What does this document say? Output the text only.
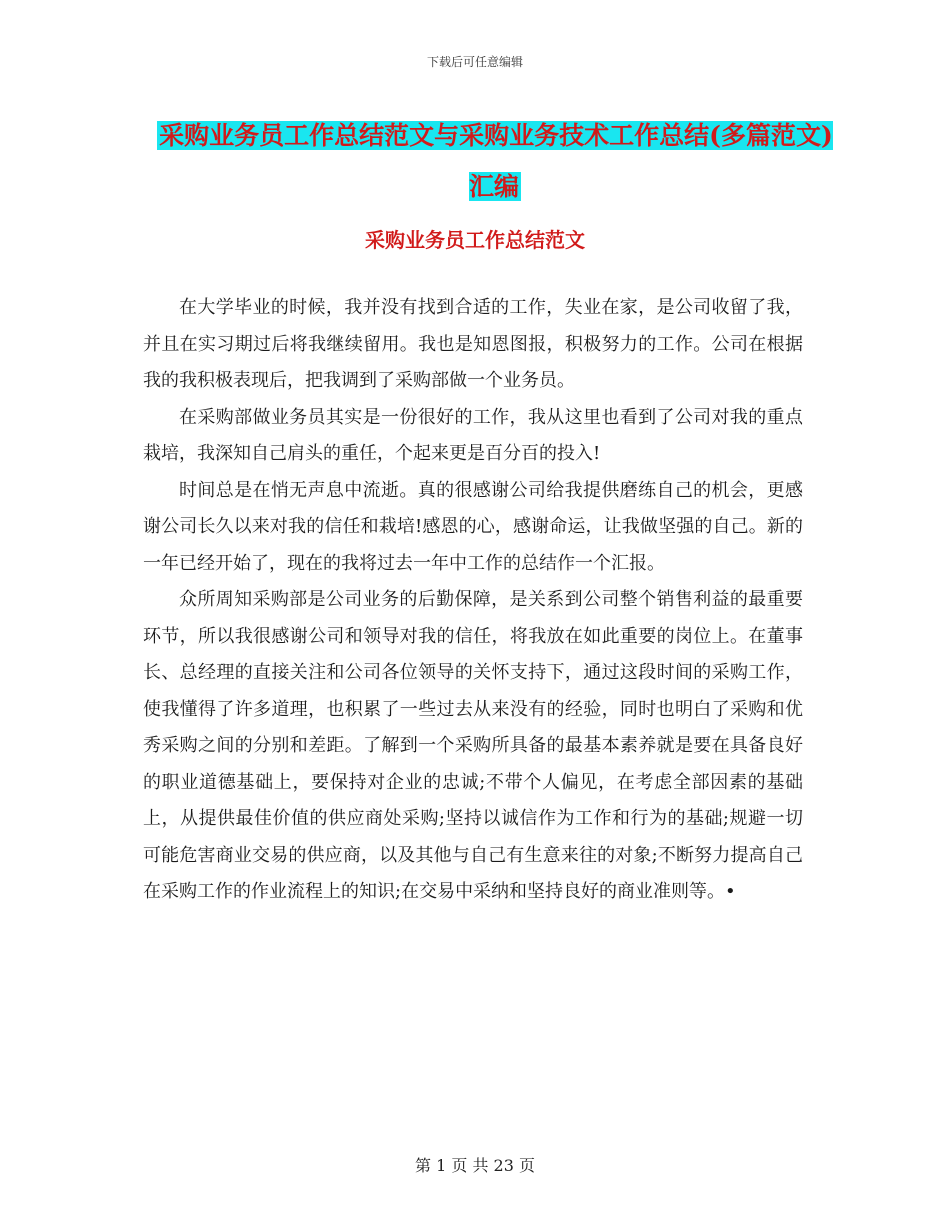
下载后可任意编辑
采购业务员工作总结范文与采购业务技术工作总结(多篇范文)汇编
采购业务员工作总结范文

在大学毕业的时候，我并没有找到合适的工作，失业在家，是公司收留了我，并且在实习期过后将我继续留用。我也是知恩图报，积极努力的工作。公司在根据我的我积极表现后，把我调到了采购部做一个业务员。

在采购部做业务员其实是一份很好的工作，我从这里也看到了公司对我的重点栽培，我深知自己肩头的重任，个起来更是百分百的投入!

时间总是在悄无声息中流逝。真的很感谢公司给我提供磨练自己的机会，更感谢公司长久以来对我的信任和栽培!感恩的心，感谢命运，让我做坚强的自己。新的一年已经开始了，现在的我将过去一年中工作的总结作一个汇报。

众所周知采购部是公司业务的后勤保障，是关系到公司整个销售利益的最重要环节，所以我很感谢公司和领导对我的信任，将我放在如此重要的岗位上。在董事长、总经理的直接关注和公司各位领导的关怀支持下，通过这段时间的采购工作，使我懂得了许多道理，也积累了一些过去从来没有的经验，同时也明白了采购和优秀采购之间的分别和差距。了解到一个采购所具备的最基本素养就是要在具备良好的职业道德基础上，要保持对企业的忠诚;不带个人偏见，在考虑全部因素的基础上，从提供最佳价值的供应商处采购;坚持以诚信作为工作和行为的基础;规避一切可能危害商业交易的供应商，以及其他与自己有生意来往的对象;不断努力提高自己在采购工作的作业流程上的知识;在交易中采纳和坚持良好的商业准则等。•

第 1 页 共 23 页
